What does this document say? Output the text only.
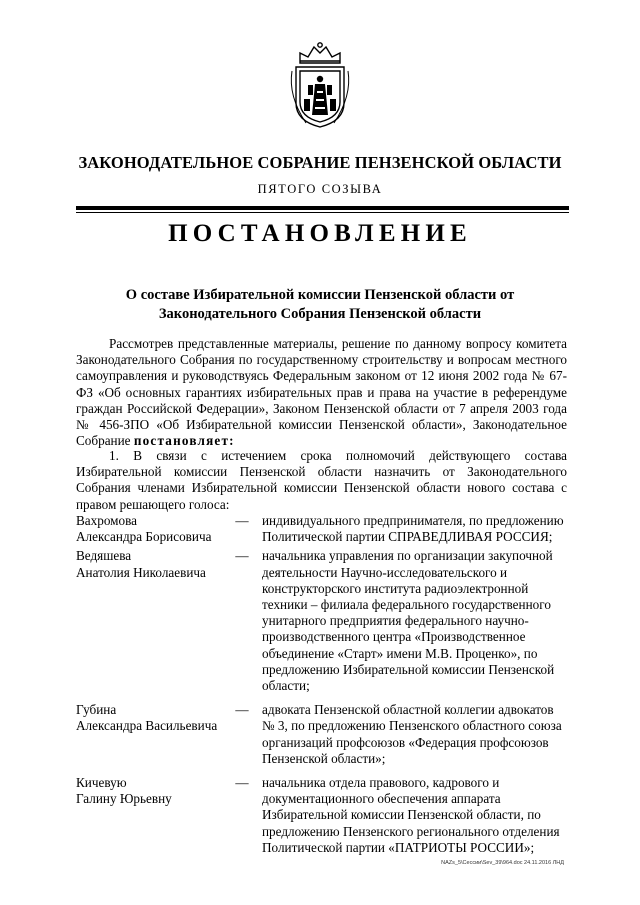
ЗАКОНОДАТЕЛЬНОЕ СОБРАНИЕ ПЕНЗЕНСКОЙ ОБЛАСТИ
ПЯТОГО СОЗЫВА
ПОСТАНОВЛЕНИЕ
О составе Избирательной комиссии Пензенской области от
Законодательного Собрания Пензенской области
Рассмотрев представленные материалы, решение по данному вопросу комитета Законодательного Собрания по государственному строительству и вопросам местного самоуправления и руководствуясь Федеральным законом от 12 июня 2002 года № 67-ФЗ «Об основных гарантиях избирательных прав и права на участие в референдуме граждан Российской Федерации», Законом Пензенской области от 7 апреля 2003 года № 456-ЗПО «Об Избирательной комиссии Пензенской области», Законодательное Собрание постановляет:
1. В связи с истечением срока полномочий действующего состава Избирательной комиссии Пензенской области назначить от Законодательного Собрания членами Избирательной комиссии Пензенской области нового состава с правом решающего голоса:
Вахромова
Александра Борисовича
— индивидуального предпринимателя, по предложению Политической партии СПРАВЕДЛИВАЯ РОССИЯ;
Ведяшева
Анатолия Николаевича
— начальника управления по организации закупочной деятельности Научно-исследовательского и конструкторского института радиоэлектронной техники – филиала федерального государственного унитарного предприятия федерального научно-производственного центра «Производственное объединение «Старт» имени М.В. Проценко», по предложению Избирательной комиссии Пензенской области;
Губина
Александра Васильевича
— адвоката Пензенской областной коллегии адвокатов № 3, по предложению Пензенского областного союза организаций профсоюзов «Федерация профсоюзов Пензенской области»;
Кичевую
Галину Юрьевну
— начальника отдела правового, кадрового и документационного обеспечения аппарата Избирательной комиссии Пензенской области, по предложению Пензенского регионального отделения Политической партии «ПАТРИОТЫ РОССИИ»;
NAZs_5\Сессии\Sev_39\964.doc 24.11.2016 ЛНД
